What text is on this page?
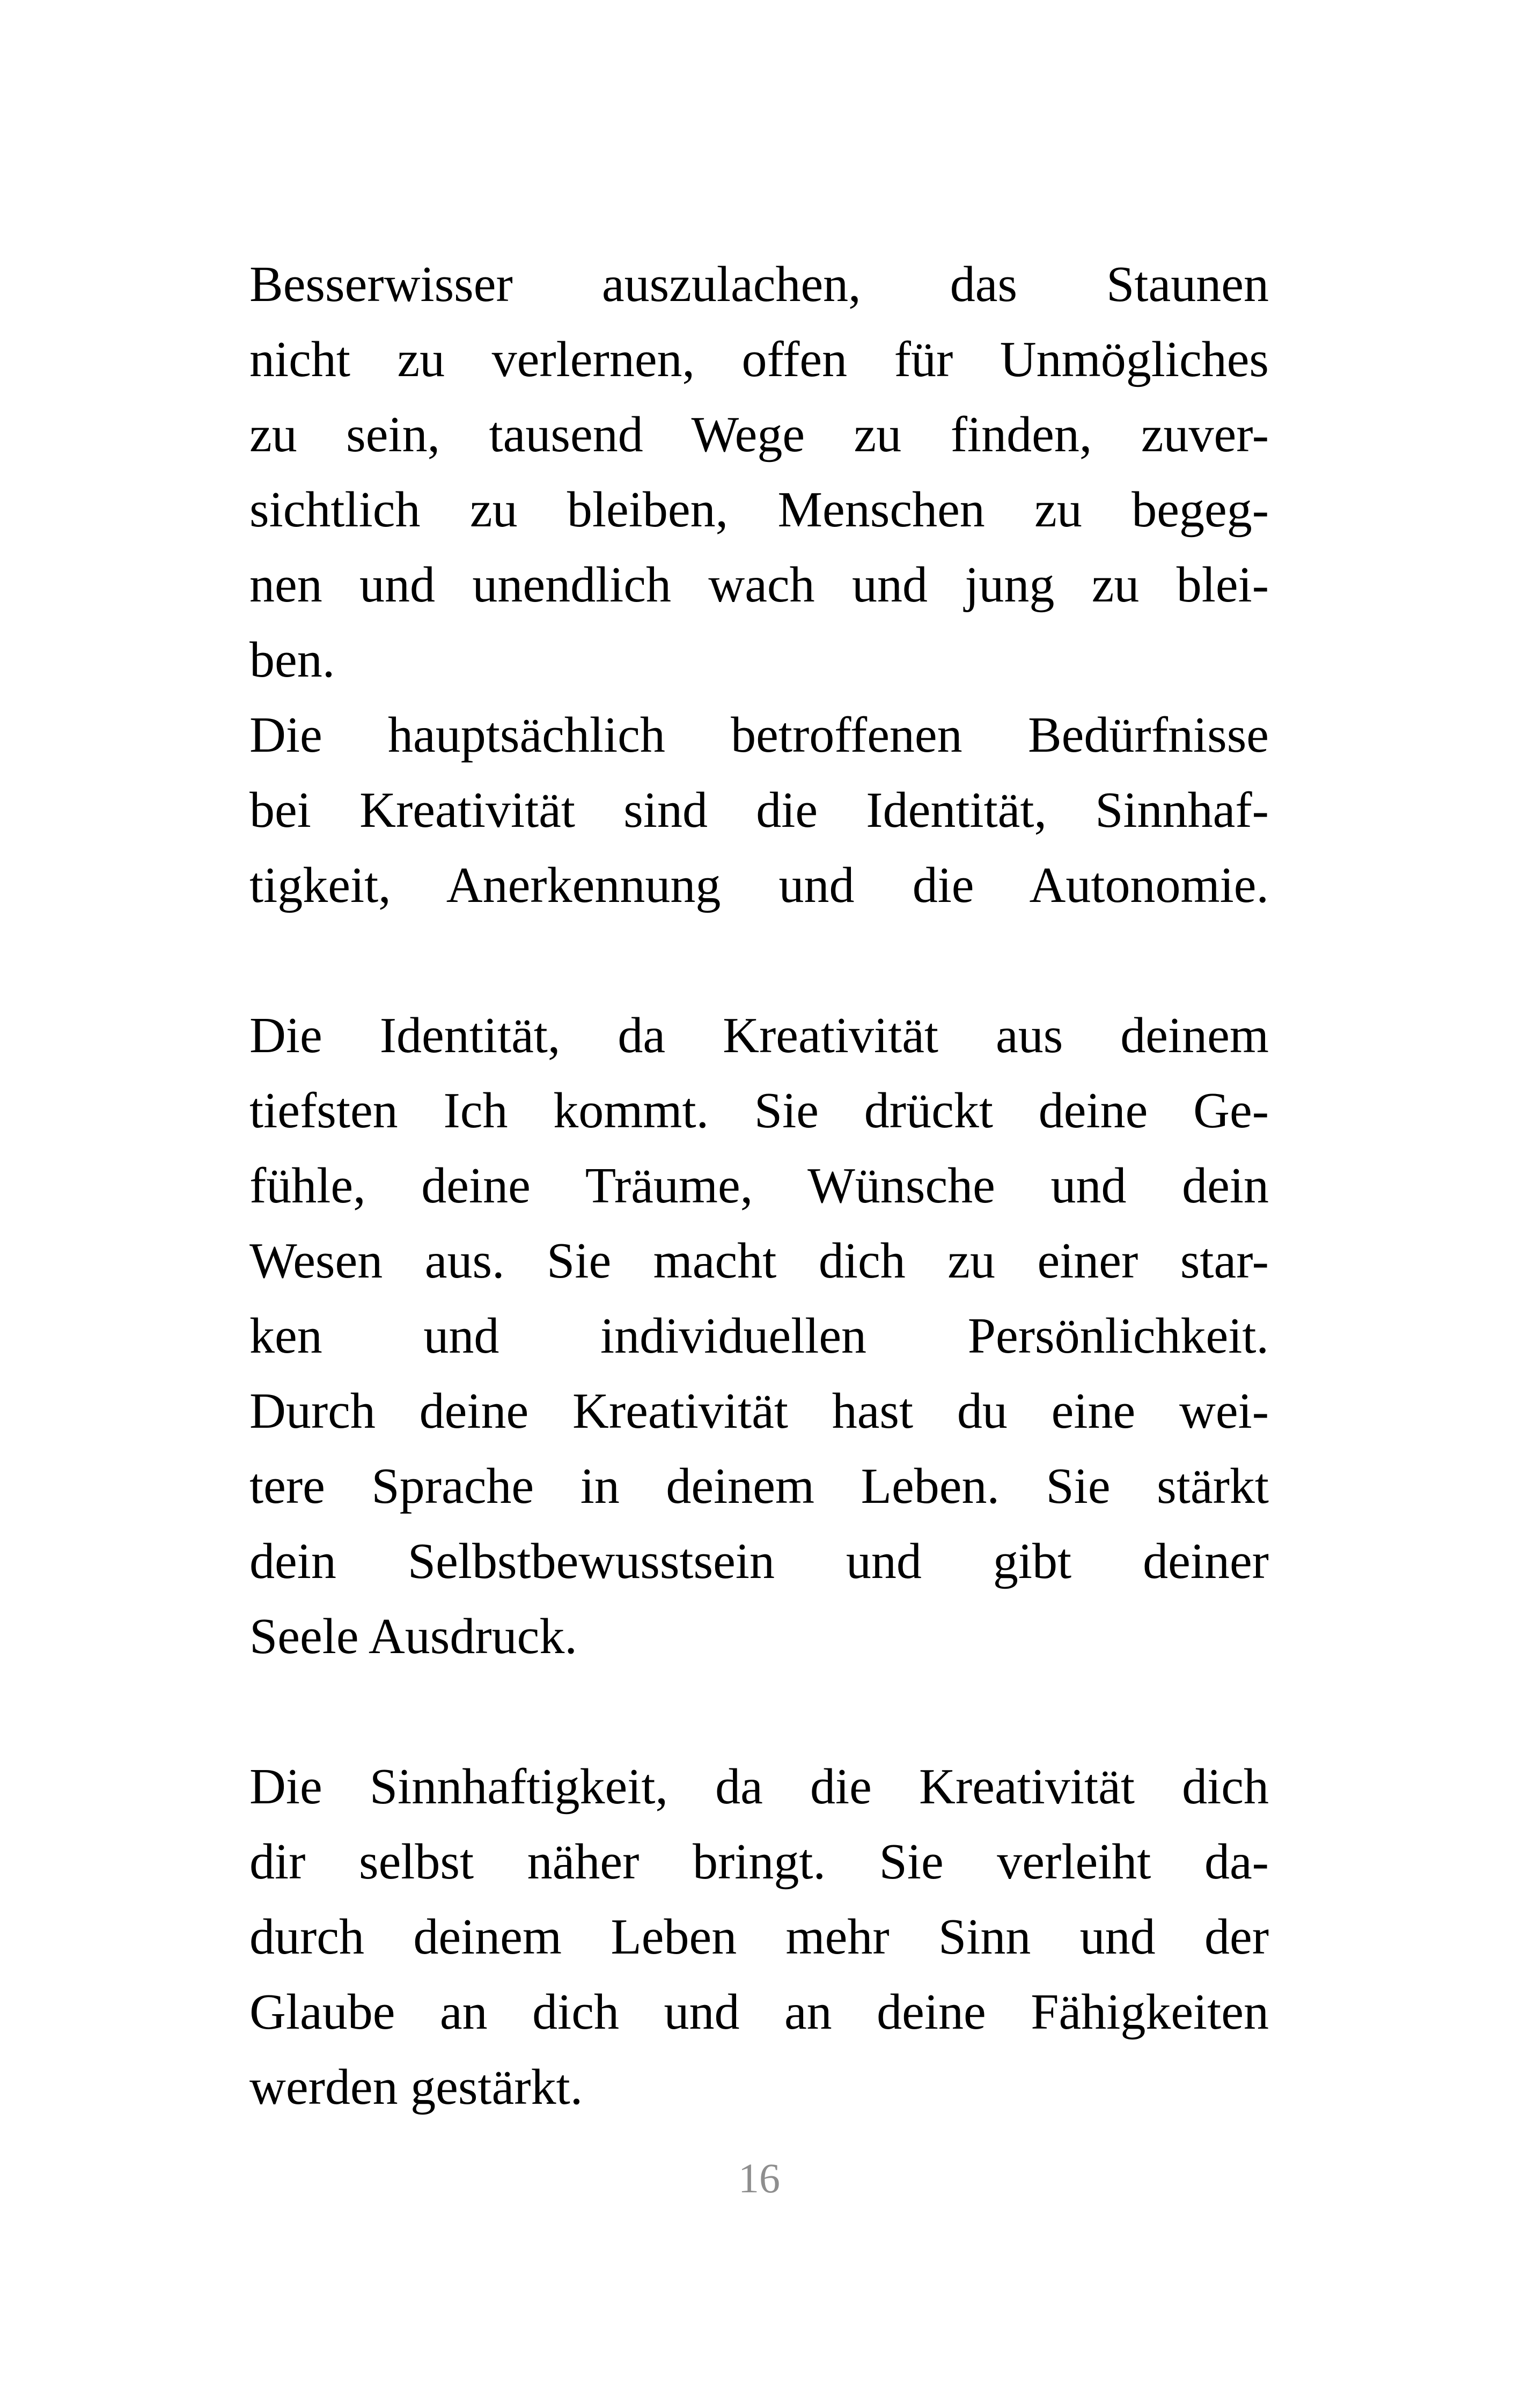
Besserwisser auszulachen, das Staunen
nicht zu verlernen, offen für Unmögliches
zu sein, tausend Wege zu finden, zuver-
sichtlich zu bleiben, Menschen zu begeg-
nen und unendlich wach und jung zu blei-
ben.
Die hauptsächlich betroffenen Bedürfnisse
bei Kreativität sind die Identität, Sinnhaf-
tigkeit, Anerkennung und die Autonomie.
Die Identität, da Kreativität aus deinem
tiefsten Ich kommt. Sie drückt deine Ge-
fühle, deine Träume, Wünsche und dein
Wesen aus. Sie macht dich zu einer star-
ken und individuellen Persönlichkeit.
Durch deine Kreativität hast du eine wei-
tere Sprache in deinem Leben. Sie stärkt
dein Selbstbewusstsein und gibt deiner
Seele Ausdruck.
Die Sinnhaftigkeit, da die Kreativität dich
dir selbst näher bringt. Sie verleiht da-
durch deinem Leben mehr Sinn und der
Glaube an dich und an deine Fähigkeiten
werden gestärkt.
16
